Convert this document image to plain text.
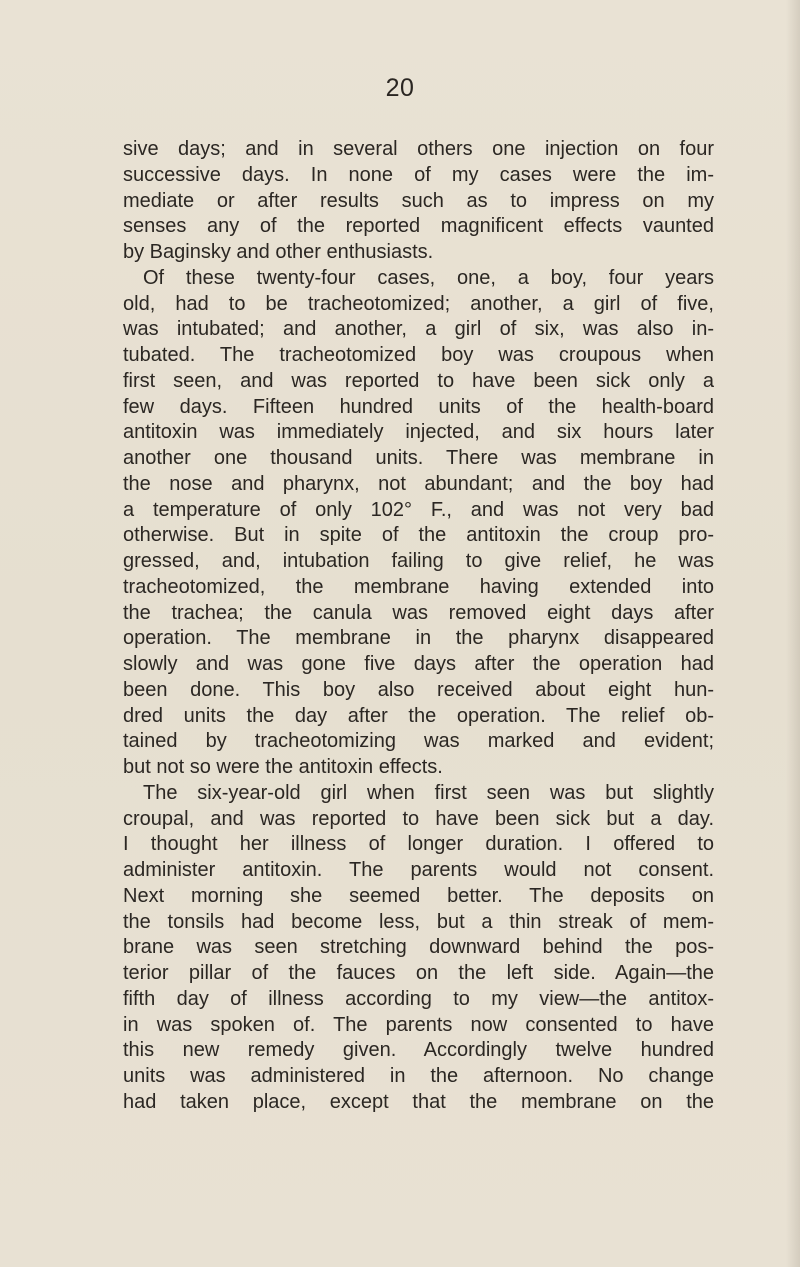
20
sive days; and in several others one injection on four
successive days. In none of my cases were the im-
mediate or after results such as to impress on my
senses any of the reported magnificent effects vaunted
by Baginsky and other enthusiasts.
Of these twenty-four cases, one, a boy, four years
old, had to be tracheotomized; another, a girl of five,
was intubated; and another, a girl of six, was also in-
tubated. The tracheotomized boy was croupous when
first seen, and was reported to have been sick only a
few days. Fifteen hundred units of the health-board
antitoxin was immediately injected, and six hours later
another one thousand units. There was membrane in
the nose and pharynx, not abundant; and the boy had
a temperature of only 102° F., and was not very bad
otherwise. But in spite of the antitoxin the croup pro-
gressed, and, intubation failing to give relief, he was
tracheotomized, the membrane having extended into
the trachea; the canula was removed eight days after
operation. The membrane in the pharynx disappeared
slowly and was gone five days after the operation had
been done. This boy also received about eight hun-
dred units the day after the operation. The relief ob-
tained by tracheotomizing was marked and evident;
but not so were the antitoxin effects.
The six-year-old girl when first seen was but slightly
croupal, and was reported to have been sick but a day.
I thought her illness of longer duration. I offered to
administer antitoxin. The parents would not consent.
Next morning she seemed better. The deposits on
the tonsils had become less, but a thin streak of mem-
brane was seen stretching downward behind the pos-
terior pillar of the fauces on the left side. Again—the
fifth day of illness according to my view—the antitox-
in was spoken of. The parents now consented to have
this new remedy given. Accordingly twelve hundred
units was administered in the afternoon. No change
had taken place, except that the membrane on the
